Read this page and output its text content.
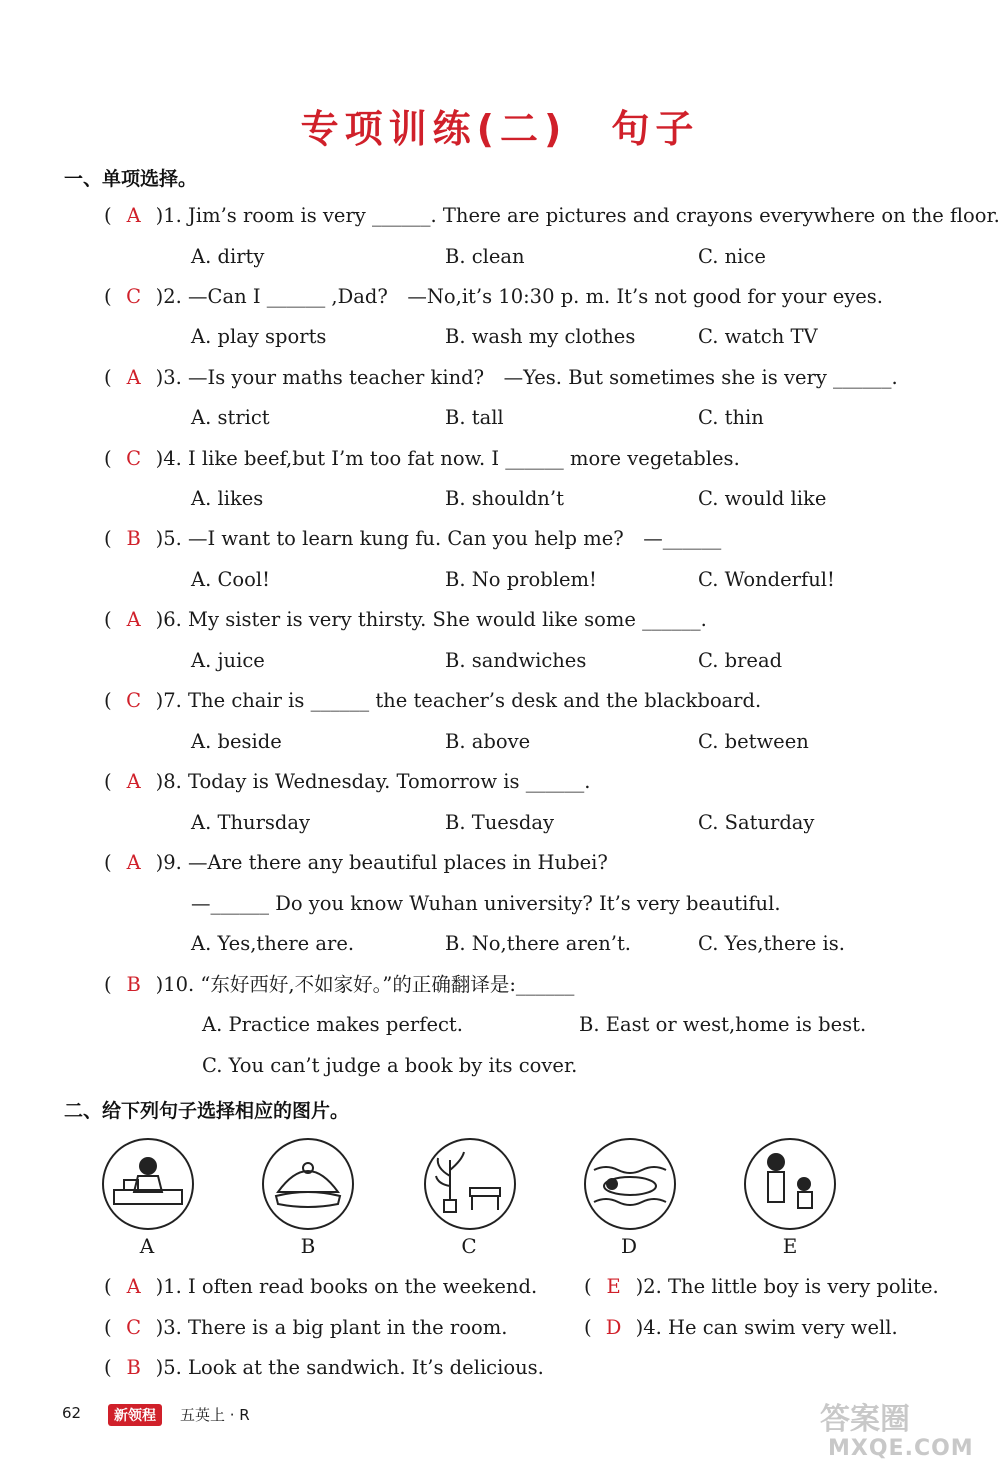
专项训练(二)　句子
一、单项选择。
( A )1. Jim’s room is very ______. There are pictures and crayons everywhere on the floor.
A. dirty	B. clean	C. nice
( C )2. —Can I ______ ,Dad?　—No,it’s 10:30 p. m. It’s not good for your eyes.
A. play sports	B. wash my clothes	C. watch TV
( A )3. —Is your maths teacher kind?　—Yes. But sometimes she is very ______.
A. strict	B. tall	C. thin
( C )4. I like beef,but I’m too fat now. I ______ more vegetables.
A. likes	B. shouldn’t	C. would like
( B )5. —I want to learn kung fu. Can you help me?　—______
A. Cool!	B. No problem!	C. Wonderful!
( A )6. My sister is very thirsty. She would like some ______.
A. juice	B. sandwiches	C. bread
( C )7. The chair is ______ the teacher’s desk and the blackboard.
A. beside	B. above	C. between
( A )8. Today is Wednesday. Tomorrow is ______.
A. Thursday	B. Tuesday	C. Saturday
( A )9. —Are there any beautiful places in Hubei?
—______ Do you know Wuhan university? It’s very beautiful.
A. Yes,there are.	B. No,there aren’t.	C. Yes,there is.
( B )10. “东好西好,不如家好。”的正确翻译是:______
A. Practice makes perfect.	B. East or west,home is best.
C. You can’t judge a book by its cover.
二、给下列句子选择相应的图片。
A	B	C	D	E
( A )1. I often read books on the weekend. ( E )2. The little boy is very polite.
( C )3. There is a big plant in the room.	( D )4. He can swim very well.
( B )5. Look at the sandwich. It’s delicious.
62	新领程	五英上 · R	答案圈
MXQE.COM
